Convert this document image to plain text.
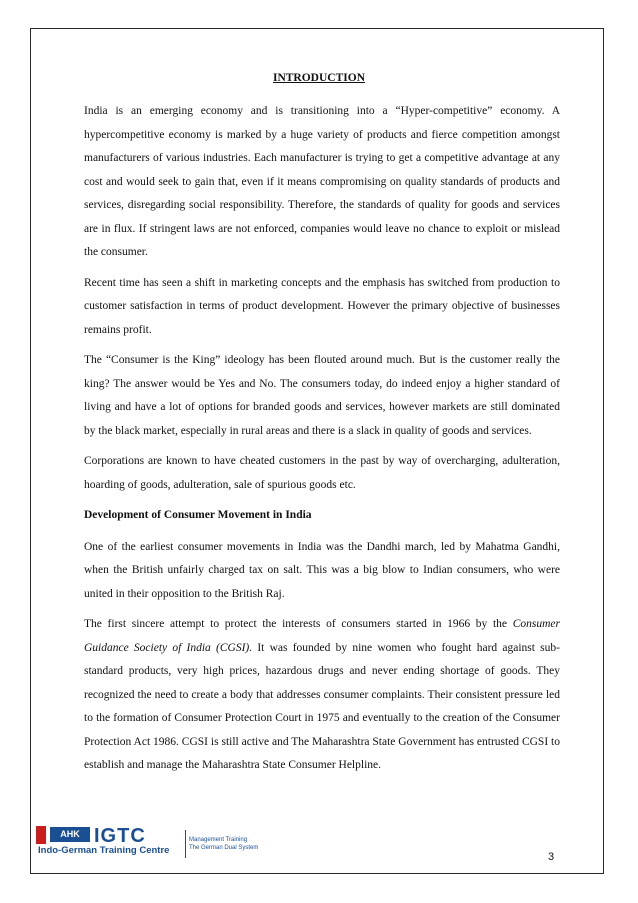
INTRODUCTION

India is an emerging economy and is transitioning into a “Hyper-competitive” economy. A hypercompetitive economy is marked by a huge variety of products and fierce competition amongst manufacturers of various industries. Each manufacturer is trying to get a competitive advantage at any cost and would seek to gain that, even if it means compromising on quality standards of products and services, disregarding social responsibility. Therefore, the standards of quality for goods and services are in flux. If stringent laws are not enforced, companies would leave no chance to exploit or mislead the consumer.

Recent time has seen a shift in marketing concepts and the emphasis has switched from production to customer satisfaction in terms of product development. However the primary objective of businesses remains profit.

The “Consumer is the King” ideology has been flouted around much. But is the customer really the king? The answer would be Yes and No. The consumers today, do indeed enjoy a higher standard of living and have a lot of options for branded goods and services, however markets are still dominated by the black market, especially in rural areas and there is a slack in quality of goods and services.

Corporations are known to have cheated customers in the past by way of overcharging, adulteration, hoarding of goods, adulteration, sale of spurious goods etc.

Development of Consumer Movement in India

One of the earliest consumer movements in India was the Dandhi march, led by Mahatma Gandhi, when the British unfairly charged tax on salt. This was a big blow to Indian consumers, who were united in their opposition to the British Raj.

The first sincere attempt to protect the interests of consumers started in 1966 by the Consumer Guidance Society of India (CGSI). It was founded by nine women who fought hard against sub-standard products, very high prices, hazardous drugs and never ending shortage of goods. They recognized the need to create a body that addresses consumer complaints. Their consistent pressure led to the formation of Consumer Protection Court in 1975 and eventually to the creation of the Consumer Protection Act 1986. CGSI is still active and The Maharashtra State Government has entrusted CGSI to establish and manage the Maharashtra State Consumer Helpline.

INDIA	AHK IGTC
Indo-German Training Centre
Management Training
The German Dual System
3
